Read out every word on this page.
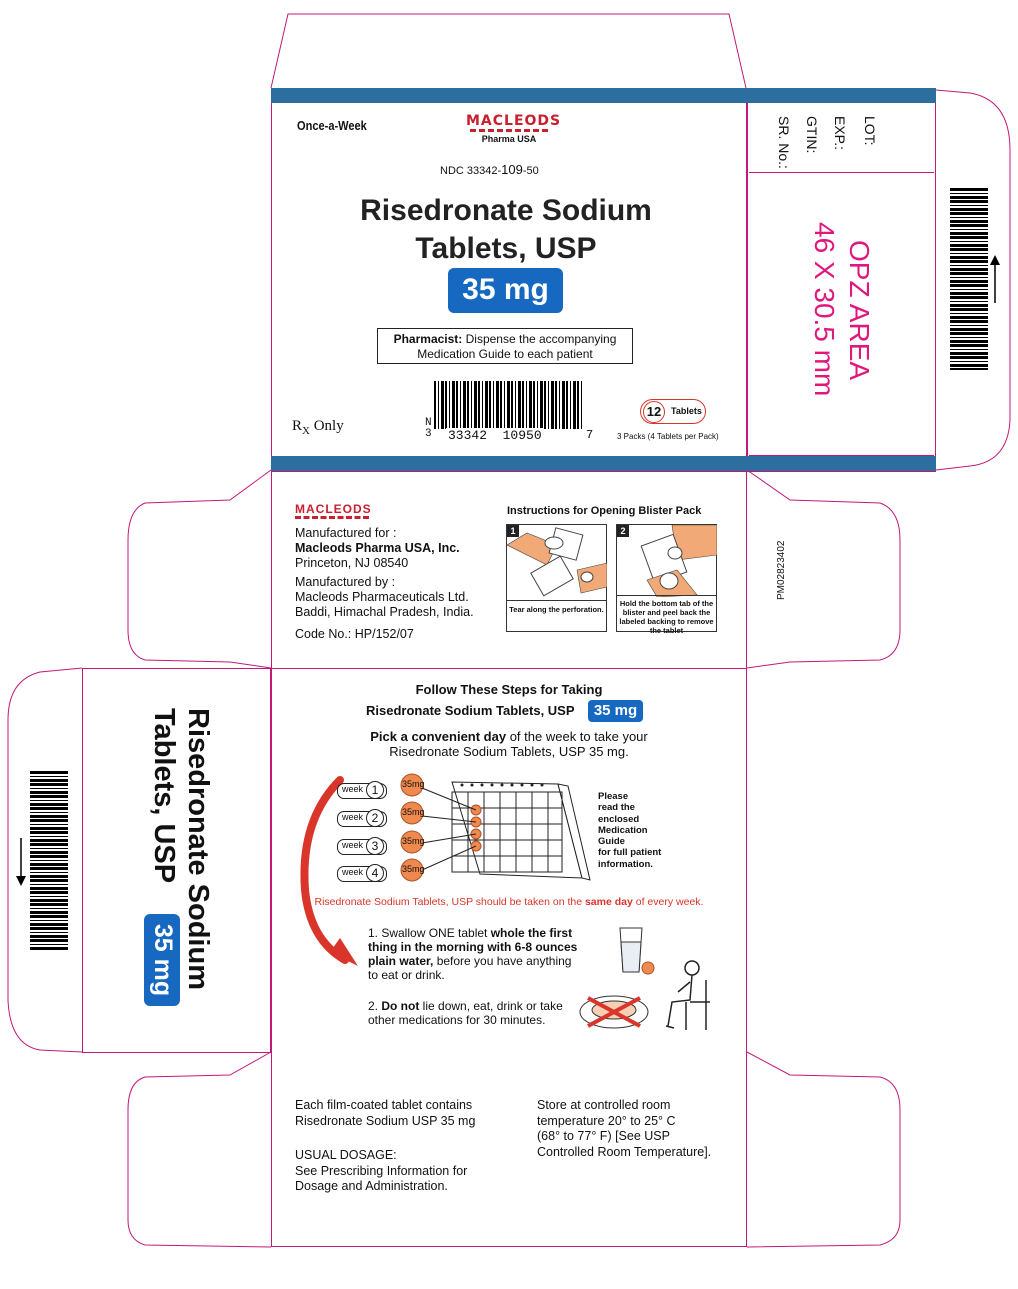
Once-a-Week	MACLEODS
Pharma USA
NDC 33342-109-50
Risedronate Sodium
Tablets, USP
35 mg
Pharmacist: Dispense the accompanying
Medication Guide to each patient
$R_X$ Only	N
3 33342  10950	7
12	Tablets
3 Packs (4 Tablets per Pack)
LOT:
EXP.:
GTIN:
SR. No.:
OPZ AREA
46 X 30.5 mm
PM02823402
MACLEODS
Manufactured for :
Macleods Pharma USA, Inc.
Princeton, NJ 08540
Manufactured by :
Macleods Pharmaceuticals Ltd.
Baddi, Himachal Pradesh, India.
Code No.: HP/152/07
Instructions for Opening Blister Pack
1
Tear along the perforation.
2
Hold the bottom tab of the blister and peel back the labeled backing to remove the tablet
Follow These Steps for Taking
Risedronate Sodium Tablets, USP	35 mg
Pick a convenient day of the week to take your
Risedronate Sodium Tablets, USP 35 mg.
week 1
week 2
week 3
week 4
35mg
35mg
35mg
35mg
Please
read the
enclosed
Medication
Guide
for full patient
information.
Risedronate Sodium Tablets, USP should be taken on the same day of every week.
1. Swallow ONE tablet whole the first
thing in the morning with 6-8 ounces
plain water, before you have anything
to eat or drink.
2. Do not lie down, eat, drink or take
other medications for 30 minutes.
Risedronate Sodium
Tablets, USP
35 mg
Each film-coated tablet contains
Risedronate Sodium USP 35 mg
USUAL DOSAGE:
See Prescribing Information for
Dosage and Administration.
Store at controlled room
temperature 20° to 25° C
(68° to 77° F) [See USP
Controlled Room Temperature].
